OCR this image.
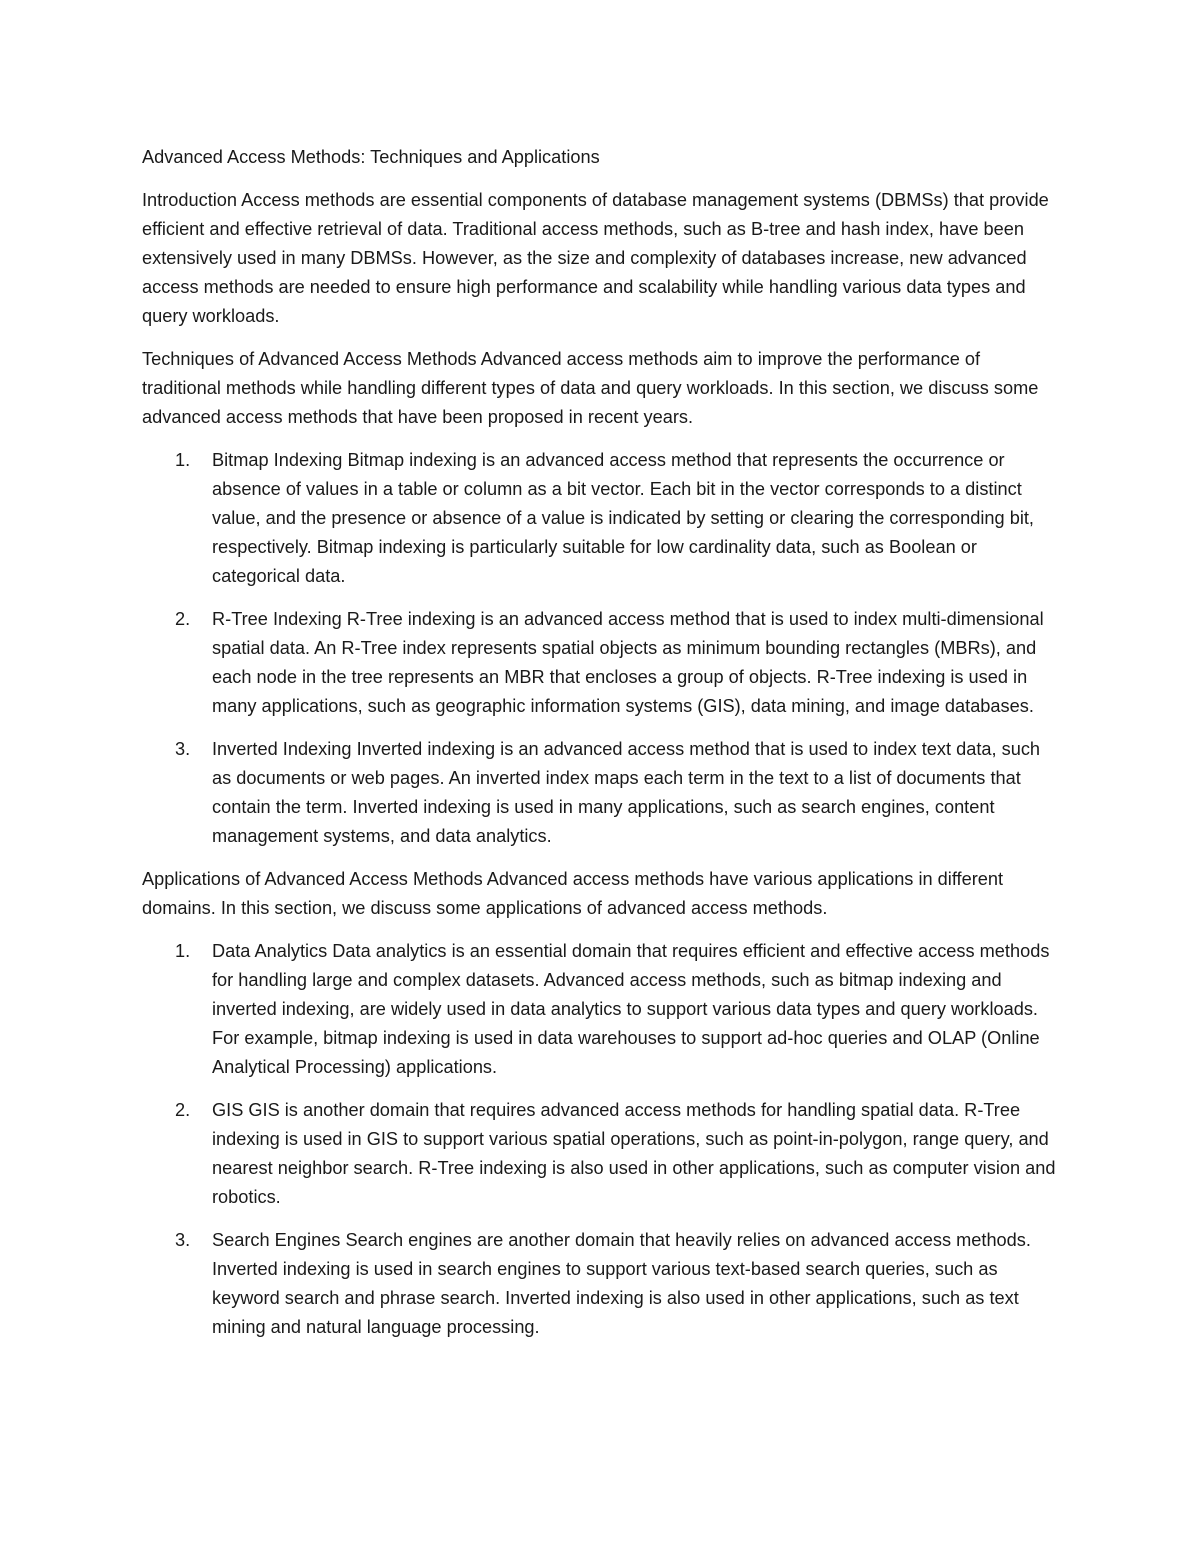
Advanced Access Methods: Techniques and Applications

Introduction Access methods are essential components of database management systems (DBMSs) that provide efficient and effective retrieval of data. Traditional access methods, such as B-tree and hash index, have been extensively used in many DBMSs. However, as the size and complexity of databases increase, new advanced access methods are needed to ensure high performance and scalability while handling various data types and query workloads.

Techniques of Advanced Access Methods Advanced access methods aim to improve the performance of traditional methods while handling different types of data and query workloads. In this section, we discuss some advanced access methods that have been proposed in recent years.

1. Bitmap Indexing Bitmap indexing is an advanced access method that represents the occurrence or absence of values in a table or column as a bit vector. Each bit in the vector corresponds to a distinct value, and the presence or absence of a value is indicated by setting or clearing the corresponding bit, respectively. Bitmap indexing is particularly suitable for low cardinality data, such as Boolean or categorical data.
2. R-Tree Indexing R-Tree indexing is an advanced access method that is used to index multi-dimensional spatial data. An R-Tree index represents spatial objects as minimum bounding rectangles (MBRs), and each node in the tree represents an MBR that encloses a group of objects. R-Tree indexing is used in many applications, such as geographic information systems (GIS), data mining, and image databases.
3. Inverted Indexing Inverted indexing is an advanced access method that is used to index text data, such as documents or web pages. An inverted index maps each term in the text to a list of documents that contain the term. Inverted indexing is used in many applications, such as search engines, content management systems, and data analytics.

Applications of Advanced Access Methods Advanced access methods have various applications in different domains. In this section, we discuss some applications of advanced access methods.

1. Data Analytics Data analytics is an essential domain that requires efficient and effective access methods for handling large and complex datasets. Advanced access methods, such as bitmap indexing and inverted indexing, are widely used in data analytics to support various data types and query workloads. For example, bitmap indexing is used in data warehouses to support ad-hoc queries and OLAP (Online Analytical Processing) applications.
2. GIS GIS is another domain that requires advanced access methods for handling spatial data. R-Tree indexing is used in GIS to support various spatial operations, such as point-in-polygon, range query, and nearest neighbor search. R-Tree indexing is also used in other applications, such as computer vision and robotics.
3. Search Engines Search engines are another domain that heavily relies on advanced access methods. Inverted indexing is used in search engines to support various text-based search queries, such as keyword search and phrase search. Inverted indexing is also used in other applications, such as text mining and natural language processing.
